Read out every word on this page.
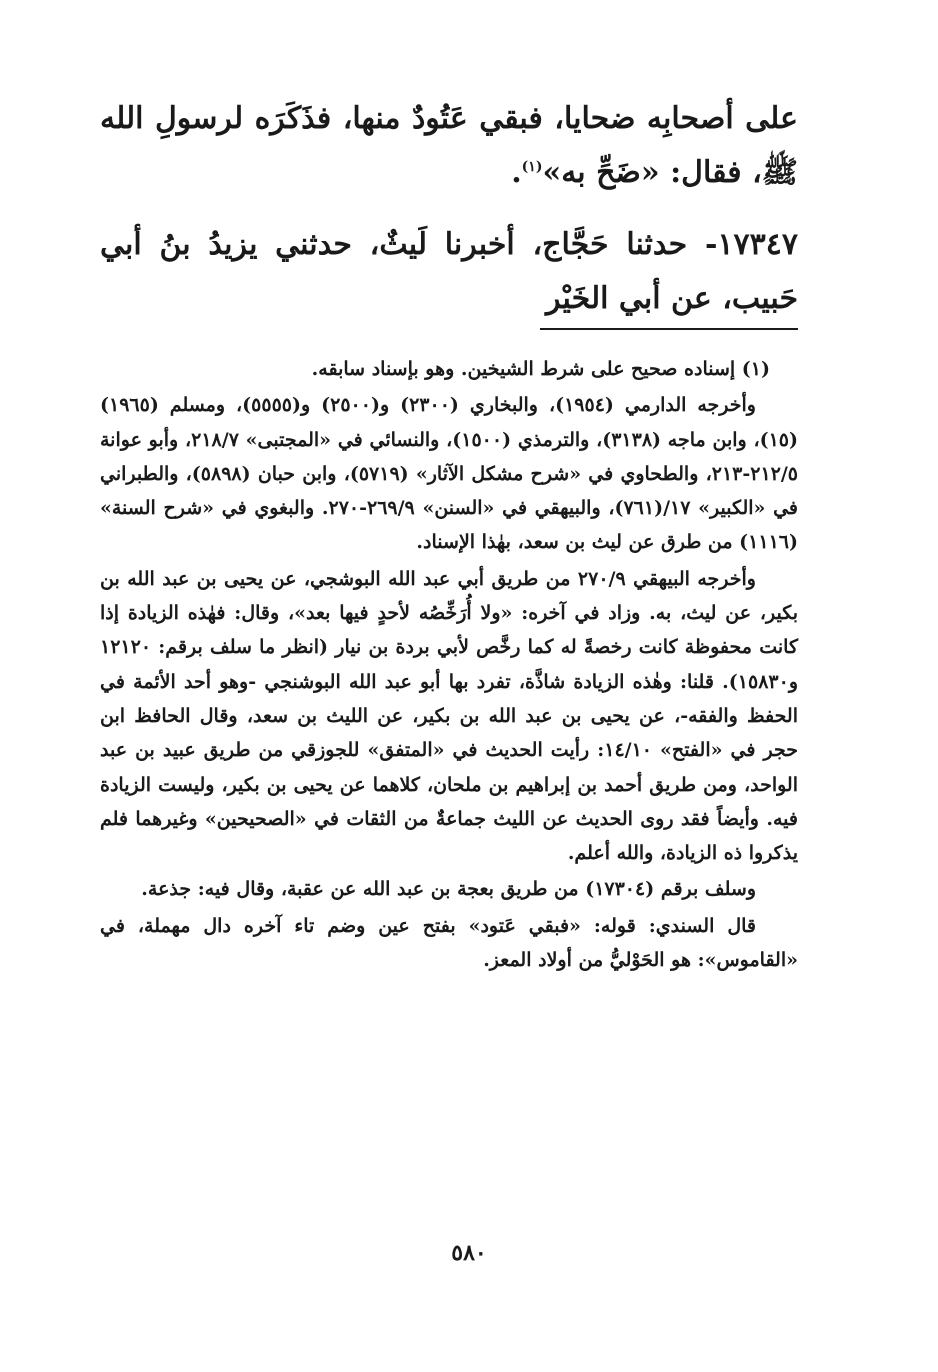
على أصحابِه ضحايا، فبقي عَتُودٌ منها، فذَكَرَه لرسولِ الله ﷺ، فقال: «ضَحِّ به»$^{(١)}$.

١٧٣٤٧- حدثنا حَجَّاج، أخبرنا لَيثٌ، حدثني يزيدُ بنُ أبي حَبيب، عن أبي الخَيْر

(١) إسناده صحيح على شرط الشيخين. وهو بإسناد سابقه.

وأخرجه الدارمي (١٩٥٤)، والبخاري (٢٣٠٠) و(٢٥٠٠) و(٥٥٥٥)، ومسلم (١٩٦٥) (١٥)، وابن ماجه (٣١٣٨)، والترمذي (١٥٠٠)، والنسائي في «المجتبى» ٢١٨/٧، وأبو عوانة ٢١٢/٥-٢١٣، والطحاوي في «شرح مشكل الآثار» (٥٧١٩)، وابن حبان (٥٨٩٨)، والطبراني في «الكبير» ١٧/(٧٦١)، والبيهقي في «السنن» ٢٦٩/٩-٢٧٠. والبغوي في «شرح السنة» (١١١٦) من طرق عن ليث بن سعد، بهٰذا الإسناد.

وأخرجه البيهقي ٢٧٠/٩ من طريق أبي عبد الله البوشجي، عن يحيى بن عبد الله بن بكير، عن ليث، به. وزاد في آخره: «ولا أُرَخِّصُه لأحدٍ فيها بعد»، وقال: فهٰذه الزيادة إذا كانت محفوظة كانت رخصةً له كما رخَّص لأبي بردة بن نيار (انظر ما سلف برقم: ١٢١٢٠ و١٥٨٣٠). قلنا: وهٰذه الزيادة شاذَّة، تفرد بها أبو عبد الله البوشنجي -وهو أحد الأئمة في الحفظ والفقه-، عن يحيى بن عبد الله بن بكير، عن الليث بن سعد، وقال الحافظ ابن حجر في «الفتح» ١٤/١٠: رأيت الحديث في «المتفق» للجوزقي من طريق عبيد بن عبد الواحد، ومن طريق أحمد بن إبراهيم بن ملحان، كلاهما عن يحيى بن بكير، وليست الزيادة فيه. وأيضاً فقد روى الحديث عن الليث جماعةٌ من الثقات في «الصحيحين» وغيرهما فلم يذكروا ذه الزيادة، والله أعلم.

وسلف برقم (١٧٣٠٤) من طريق بعجة بن عبد الله عن عقبة، وقال فيه: جذعة.

قال السندي: قوله: «فبقي عَتود» بفتح عين وضم تاء آخره دال مهملة، في «القاموس»: هو الحَوْليُّ من أولاد المعز.

٥٨٠
